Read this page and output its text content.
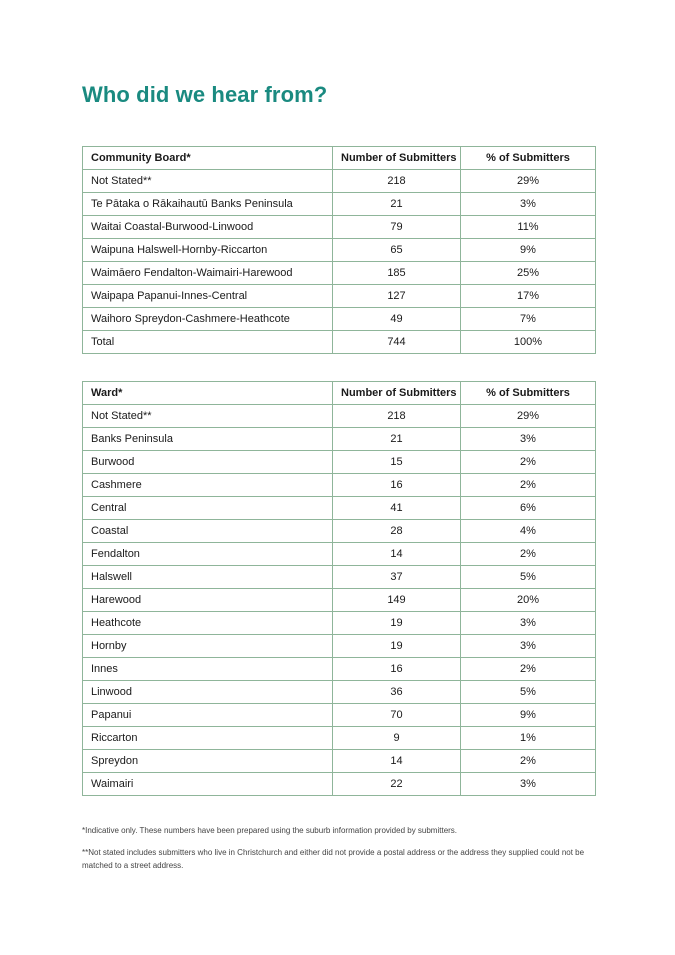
Who did we hear from?
Community Board*	Number of Submitters	% of Submitters
Not Stated**	218	29%
Te Pātaka o Rākaihautū Banks Peninsula	21	3%
Waitai Coastal-Burwood-Linwood	79	11%
Waipuna Halswell-Hornby-Riccarton	65	9%
Waimāero Fendalton-Waimairi-Harewood	185	25%
Waipapa Papanui-Innes-Central	127	17%
Waihoro Spreydon-Cashmere-Heathcote	49	7%
Total	744	100%
Ward*	Number of Submitters	% of Submitters
Not Stated**	218	29%
Banks Peninsula	21	3%
Burwood	15	2%
Cashmere	16	2%
Central	41	6%
Coastal	28	4%
Fendalton	14	2%
Halswell	37	5%
Harewood	149	20%
Heathcote	19	3%
Hornby	19	3%
Innes	16	2%
Linwood	36	5%
Papanui	70	9%
Riccarton	9	1%
Spreydon	14	2%
Waimairi	22	3%

*Indicative only. These numbers have been prepared using the suburb information provided by submitters.

**Not stated includes submitters who live in Christchurch and either did not provide a postal address or the address they supplied could not be matched to a street address.
